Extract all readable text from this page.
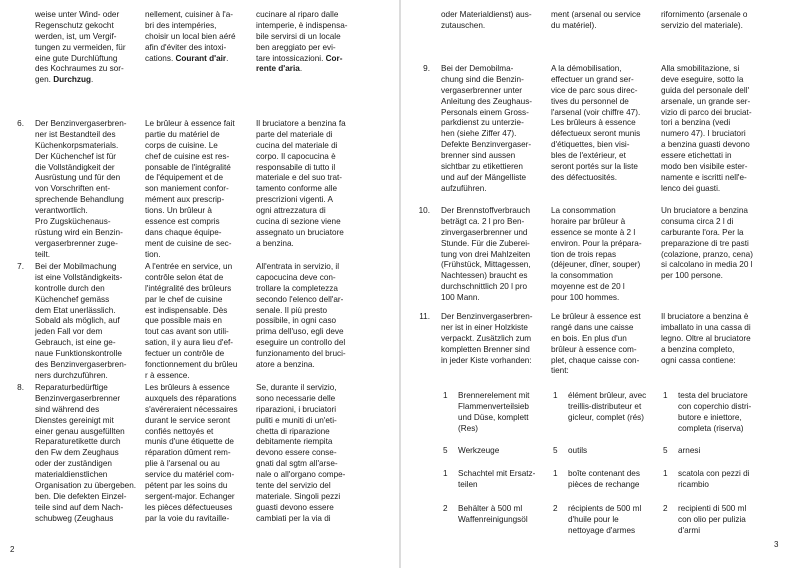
weise unter Wind- oder
Regenschutz gekocht
werden, ist, um Vergif-
tungen zu vermeiden, für
eine gute Durchlüftung
des Kochraumes zu sor-
gen. Durchzug.
nellement, cuisiner à l'a-
bri des intempéries,
choisir un local bien aéré
afin d'éviter des intoxi-
cations. Courant d'air.
cucinare al riparo dalle
intemperie, è indispensa-
bile servirsi di un locale
ben areggiato per evi-
tare intossicazioni. Cor-
rente d'aria.
6. Der Benzinvergaserbren-
ner ist Bestandteil des
Küchenkorpsmaterials.
Der Küchenchef ist für
die Vollständigkeit der
Ausrüstung und für den
von Vorschriften ent-
sprechende Behandlung
verantwortlich.
Pro Zugsküchenaus-
rüstung wird ein Benzin-
vergaserbrenner zuge-
teilt.
Le brûleur à essence fait
partie du matériel de
corps de cuisine. Le
chef de cuisine est res-
ponsable de l'intégralité
de l'équipement et de
son maniement confor-
mément aux prescrip-
tions. Un brûleur à
essence est compris
dans chaque équipe-
ment de cuisine de sec-
tion.
Il bruciatore a benzina fa
parte del materiale di
cucina del materiale di
corpo. Il capocucina è
responsabile di tutto il
materiale e del suo trat-
tamento conforme alle
prescrizioni vigenti. A
ogni attrezzatura di
cucina di sezione viene
assegnato un bruciatore
a benzina.
7. Bei der Mobilmachung
ist eine Vollständigkeits-
kontrolle durch den
Küchenchef gemäss
dem Etat unerlässlich.
Sobald als möglich, auf
jeden Fall vor dem
Gebrauch, ist eine ge-
naue Funktionskontrolle
des Benzinvergaserbren-
ners durchzuführen.
A l'entrée en service, un
contrôle selon état de
l'intégralité des brûleurs
par le chef de cuisine
est indispensable. Dès
que possible mais en
tout cas avant son utili-
sation, il y aura lieu d'ef-
fectuer un contrôle de
fonctionnement du brûleu
r à essence.
All'entrata in servizio, il
capocucina deve con-
trollare la completezza
secondo l'elenco dell'ar-
senale. Il più presto
possibile, in ogni caso
prima dell'uso, egli deve
eseguire un controllo del
funzionamento del bruci-
atore a benzina.
8. Reparaturbedürftige
Benzinvergaserbrenner
sind während des
Dienstes gereinigt mit
einer genau ausgefüllten
Reparaturetikette durch
den Fw dem Zeughaus
oder der zuständigen
materialdienstlichen
Organisation zu übergeben.
ben. Die defekten Einzel-
teile sind auf dem Nach-
schubweg (Zeughaus
Les brûleurs à essence
auxquels des réparations
s'avéreraient nécessaires
durant le service seront
confiés nettoyés et
munis d'une étiquette de
réparation dûment rem-
plie à l'arsenal ou au
service du matériel com-
pétent par les soins du
sergent-major. Echanger
les pièces défectueuses
par la voie du ravitaille-
Se, durante il servizio,
sono necessarie delle
riparazioni, i bruciatori
puliti e muniti di un'eti-
chetta di riparazione
debitamente riempita
devono essere conse-
gnati dal sgtm all'arse-
nale o all'organo compe-
tente del servizio del
materiale. Singoli pezzi
guasti devono essere
cambiati per la via di
2
oder Materialdienst) aus-
zutauschen.
ment (arsenal ou service
du matériel).
rifornimento (arsenale o
servizio del materiale).
9. Bei der Demobilma-
chung sind die Benzin-
vergaserbrenner unter
Anleitung des Zeughaus-
Personals einem Gross-
parkdienst zu unterzie-
hen (siehe Ziffer 47).
Defekte Benzinvergaser-
brenner sind aussen
sichtbar zu etikettieren
und auf der Mängelliste
aufzuführen.
A la démobilisation,
effectuer un grand ser-
vice de parc sous direc-
tives du personnel de
l'arsenal (voir chiffre 47).
Les brûleurs à essence
défectueux seront munis
d'étiquettes, bien visi-
bles de l'extérieur, et
seront portés sur la liste
des défectuosités.
Alla smobilitazione, si
deve eseguire, sotto la
guida del personale dell'
arsenale, un grande ser-
vizio di parco dei bruciat-
tori a benzina (vedi
numero 47). I bruciatori
a benzina guasti devono
essere etichettati in
modo ben visibile ester-
namente e iscritti nell'e-
lenco dei guasti.
10. Der Brennstoffverbrauch
beträgt ca. 2 l pro Ben-
zinvergaserbrenner und
Stunde. Für die Zuberei-
tung von drei Mahlzeiten
(Frühstück, Mittagessen,
Nachtessen) braucht es
durchschnittlich 20 l pro
100 Mann.
La consommation
horaire par brûleur à
essence se monte à 2 l
environ. Pour la prépara-
tion de trois repas
(déjeuner, dîner, souper)
la consommation
moyenne est de 20 l
pour 100 hommes.
Un bruciatore a benzina
consuma circa 2 l di
carburante l'ora. Per la
preparazione di tre pasti
(colazione, pranzo, cena)
si calcolano in media 20 l
per 100 persone.
11. Der Benzinvergaserbren-
ner ist in einer Holzkiste
verpackt. Zusätzlich zum
kompletten Brenner sind
in jeder Kiste vorhanden:
Le brûleur à essence est
rangé dans une caisse
en bois. En plus d'un
brûleur à essence com-
plet, chaque caisse con-
tient:
Il bruciatore a benzina è
imballato in una cassa di
legno. Oltre al bruciatore
a benzina completo,
ogni cassa contiene:
1 Brennerelement mit
Flammenverteilsieb
und Düse, komplett
(Res)
5 Werkzeuge
1 Schachtel mit Ersatz-
teilen
2 Behälter à 500 ml
Waffenreinigungsöl
1 élément brûleur, avec
treillis-distributeur et
gicleur, complet (rés)
5 outils
1 boîte contenant des
pièces de rechange
2 récipients de 500 ml
d'huile pour le
nettoyage d'armes
1 testa del bruciatore
con coperchio distri-
butore e iniettore,
completa (riserva)
5 arnesi
1 scatola con pezzi di
ricambio
2 recipienti di 500 ml
con olio per pulizia
d'armi
3
